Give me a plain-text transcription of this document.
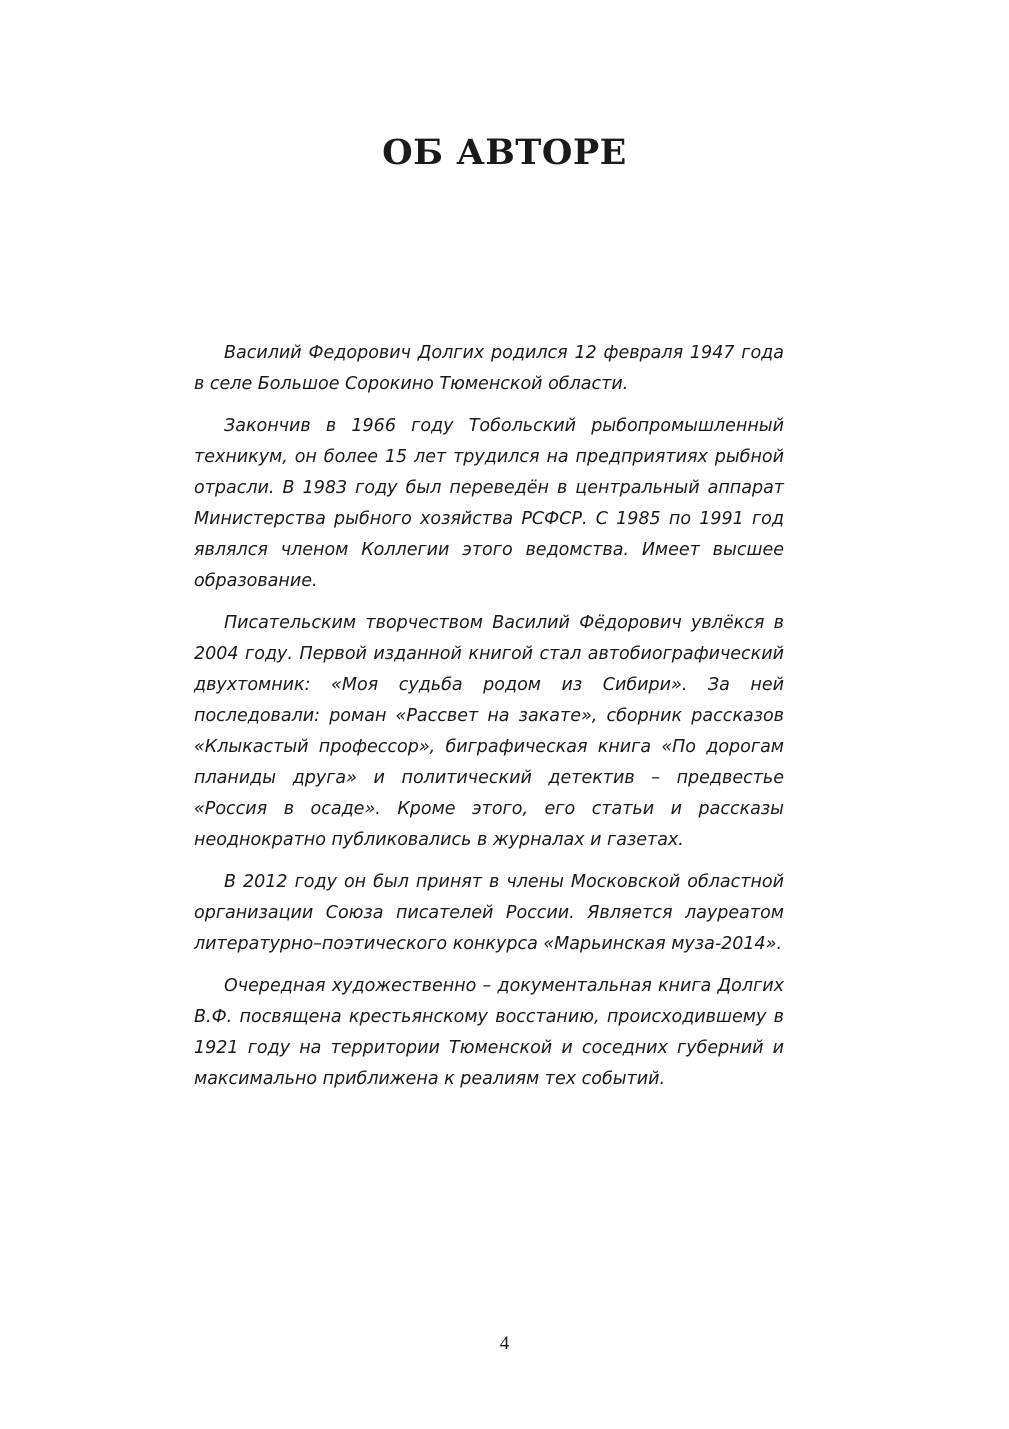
ОБ АВТОРЕ

Василий Федорович Долгих родился 12 февраля 1947 года в селе Большое Сорокино Тюменской области.

Закончив в 1966 году Тобольский рыбопромышленный техникум, он более 15 лет трудился на предприятиях рыбной отрасли. В 1983 году был переведён в центральный аппарат Министерства рыбного хозяйства РСФСР. С 1985 по 1991 год являлся членом Коллегии этого ведомства. Имеет высшее образование.

Писательским творчеством Василий Фёдорович увлёкся в 2004 году. Первой изданной книгой стал автобиографический двухтомник: «Моя судьба родом из Сибири». За ней последовали: роман «Рассвет на закате», сборник рассказов «Клыкастый профессор», биграфическая книга «По дорогам планиды друга» и политический детектив – предвестье «Россия в осаде». Кроме этого, его статьи и рассказы неоднократно публиковались в журналах и газетах.

В 2012 году он был принят в члены Московской областной организации Союза писателей России. Является лауреатом литературно–поэтического конкурса «Марьинская муза-2014».

Очередная художественно – документальная книга Долгих В.Ф. посвящена крестьянскому восстанию, происходившему в 1921 году на территории Тюменской и соседних губерний и максимально приближена к реалиям тех событий.

4
